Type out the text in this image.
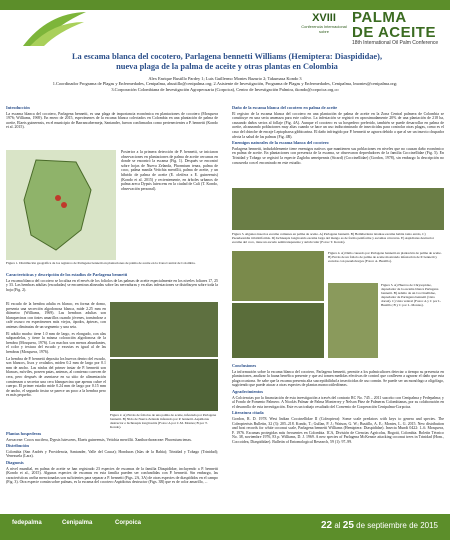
XVIII
Conferencia Internacional sobre
PALMA
DE ACEITE
18th International Oil Palm Conference
La escama blanca del cocotero, Parlagena bennetti Williams (Hemiptera: Diaspididae), nueva plaga de la palma de aceite y otras plantas en Colombia
Alex Enrique Bustillo Pardey 1; Luis Guillermo Montes Bazurto 2; Takumasa Kondo 3
1.Coordinador Programa de Plagas y Enfermedades, Cenipalma, abustillo@cenipalma.org; 2.Asistente de Investigación, Programa de Plagas y Enfermedades, Cenipalma, lmontes@cenipalma.org; 3.Corporación Colombiana de Investigación Agropecuaria (Corpoica), Centro de Investigación Palmira, tkondo@corpoica.org.co
Introducción

La escama blanca del cocotero, Parlagena bennetti, es una plaga de importancia económica en plantaciones de cocotero (Mosquera 1976; Williams, 1969). En enero de 2015, especímenes de la escama blanca colectados en Colombia en una plantación de palma de aceite, Elaeis guineensis, en el municipio de Barrancabermeja, Santander, fueron confirmados como pertenecientes a P. bennetti (Kondo et al. 2015).

Posterior a la primera detección de P. bennetti, se iniciaron observaciones en plantaciones de palma de aceite cercanas en donde se encontró la escama (Fig. 1). Después se encontró sobre hojas de Nueva Zelanda, Phormium tenax, palma de coco, palma manila Veitchia merrillii, palma de aceite, y un híbrido de palma de aceite (E. oleifera x E. guineensis) (Kondo et al. 2015) y recientemente, en árboles urbanos de palma areca Dypsis lutescens en la ciudad de Cali (T. Kondo, observación personal).

Figura 1. Distribución geográfica de los registros de Parlagena bennetti en plantaciones de palma de aceite en la Zona Central de Colombia.
Características y descripción de los estadios de Parlagena bennetti

La escama blanca del cocotero se localiza en el envés de los foliolos de las palmas de aceite especialmente en los niveles foliares 17, 25 y 33. Las hembras adultas (escudadas) se encuentran alineadas sobre las nervaduras y en altas infestaciones se distribuyen sobre toda la hoja (Fig. 2).

El escudo de la hembra adulta es blanco, en forma de domo, presenta una secreción algodonosa blanca, mide 2.25 mm en diámetro (Williams, 1969). Las hembras adultas son blanquecinas con tintes amarillos cuando jóvenes, tornándose a café oscuro en especímenes más viejos, ápodos, ápteras, con antenas diminutas de un segmento y una seta.

El adulto macho tiene 1.0 mm de largo, es elongado, con alas subparalelas, y tiene la misma coloración algodonosa de la hembra (Mosquera, 1976). Los machos son menos abundantes, el color y textura del escudo y exuvias es igual al de las hembras (Mosquera, 1976).

La hembra de P. bennetti deposita los huevos dentro del escudo, son blancos, lisos y ovalados, miden 0.2 mm de largo por 0.1 mm de ancho. Las ninfas del primer ínstar de P. bennetti son blancas, móviles, poseen patas, antenas, al comienzo carecen de cera, pero después de asentarse en su sitio de alimentación comienzan a secretar una cera blanquecina que apenas cubre el cuerpo. El primer estadio mide 0.24 mm de largo por 0.15 mm de ancho, el segundo ínstar se parece un poco a la hembra pero es más pequeño.

Figura 2. A) Envés de foliolos de una palma de aceite, infestada por Parlagena bennetti. B) Nido de Nueva Zelanda infestado por P. bennetti. Aspidiotus destructor e Ischnaspis longirostris (Fotos: A por C.M. Montes; B por T. Kondo).
Plantas hospederas

Arecaceae: Cocos nucifera, Dypsis lutescens, Elaeis guineensis, Veitchia merrillii. Xanthorrhoeaceae: Phormium tenax.

Distribución

Colombia (San Andrés y Providencia, Santander, Valle del Cauca); Honduras (Islas de la Bahía); Trinidad y Tobago (Trinidad); Venezuela (Lara).

Diagnosis

A nivel mundial, en palma de aceite se han registrado 23 especies de escamas de la familia Diaspididae, incluyendo a P. bennetti (Kondo et al., 2015). Algunas especies de escamas en esta familia pueden ser confundidas con P. bennetti. Sin embargo, las características arriba mencionadas son suficientes para separar a P. bennetti (Figs. 2A, 3A) de otras especies de diaspídidos en el campo (Fig. 3). Otra especie común sobre palmas, es la escama del cocotero Aspidiotus destructor (Figs. 3B) que es de color amarillo, ...

Daño de la escama blanca del cocotero en palma de aceite

El registro de la escama blanca del cocotero en una plantación de palma de aceite en la Zona Central palmera de Colombia se constituye en una seria amenaza para este cultivo. La infestación se registró en aproximadamente 20% de una plantación de 218 ha, causando daños serios al follaje (Fig. 4A). Aunque el cocotero es su hospedero preferido, también se puede desarrollar en palma de aceite, alcanzando poblaciones muy altas cuando se hace un uso indiscriminado de insecticidas para controlar otras plagas, como es el caso del chinche de encaje Leptopharsa gibbicarina. El daño infringido por P. bennetti se agrava debido a que al ser un insecto chupador afecta la salud de las palmas (Fig. 4B).

Enemigos naturales de la escama blanca del cocotero

Parlagena bennetti, indudablemente tiene enemigos nativos que mantienen sus poblaciones en niveles que no causan daño económico en palma de aceite. En plantaciones con presencia de la escama, se observaron depredadores de la familia Coccinellidae (Fig. 5). En Trinidad y Tobago se registró la especie Zagloba aeneipennis (Sicard) (Coccinellidae) (Gordon, 1978), sin embargo la descripción no concuerda con el encontrado en este estudio.

Figura 3. Algunos insectos escama comunes en palma de aceite. A) Parlagena bennetti. B) Hemiberlesia lataniae escama habita tanto envés, C) Pseudaonidia trilobitiformis. D) Ischnaspis longirostris escama larga del mango es de forma peniforme y escamas cóncavas. E) Aspidiotus destructor escama del coco, tiene un escudo semitransparente y subcircular (Fotos: T. Kondo).
Figura 4. A) Daño causado por Parlagena bennetti en plantación de palma de aceite. B) Envés de un foliolo de palma de aceite mostrando infestación de P. bennetti y escudos con pseudoborges (Fotos: A. Bustillo).
Figura 5. A) Huevos de Chrysopidae, depredador de la escama blanca Parlagena bennetti. B) Adulto de un Coccinellidae, depredador de Parlagena bennetti (vista dorsal). C) vista ventral (Fotos: A y C por L. Bustillo; B y C por L. Montes).
Conclusiones

La información sobre la escama blanca del cocotero, Parlagena bennetti, permite a los palmicultores detectar a tiempo su presencia en plantaciones, analizar la fauna benéfica presente y que así tomen medidas efectivas de control que conlleven a agravar el daño que esta plaga ocasiona. Se sabe que la escama presenta alta susceptibilidad a insecticidas de uso común. Se puede ser un monófago a oligófago, sugiriendo que puede atacar a otras especies de plantas monocotiledóneas.

Agradecimientos

A Colciencias por la financiación de esta investigación a través del contrato RC No. 745 – 2011 suscrito con Cenipalma y Fedepalma; y al Fondo de Fomento Palmero. A Nicolás Palmar de Palma Monterrey y Nelson Páez de Palmeras Colombianas, por su colaboración en el desarrollo de esta investigación. Este es un trabajo resultado del Convenio de Cooperación Cenipalma-Corpoica.

Literatura citada

Gordon, R. D. 1978. West Indian Coccinellidae II (Coleoptera): Some scale predators with keys to genera and species. The Coleopterists Bulletin, 32 (3): 205–218. Kondo, T.; Gullan, P. J.; Watson, G. W.; Bustillo, A. E.; Montes, L. G. 2015. New distribution and host records for white coconut scale, Parlagena bennetti Williams (Hemiptera: Diaspididae). Insecta Mundi 0422: 1–6. Mosquera, F. 1976. Escamas protegidas más frecuentes en Colombia. ICA, División de Ciencias Agrícolas, Bogotá, Colombia. Boletín Técnico No. 38, noviembre 1976, 83 p. Williams, D. J. 1969. A new species of Parlagena McKenzie attacking coconut trees in Trinidad (Hom., Coccoidea, Diaspididae). Bulletin of Entomological Research, 59 (1): 97–99.

fedepalma	Cenipalma	Corpoica	22 al 25 de septiembre de 2015
